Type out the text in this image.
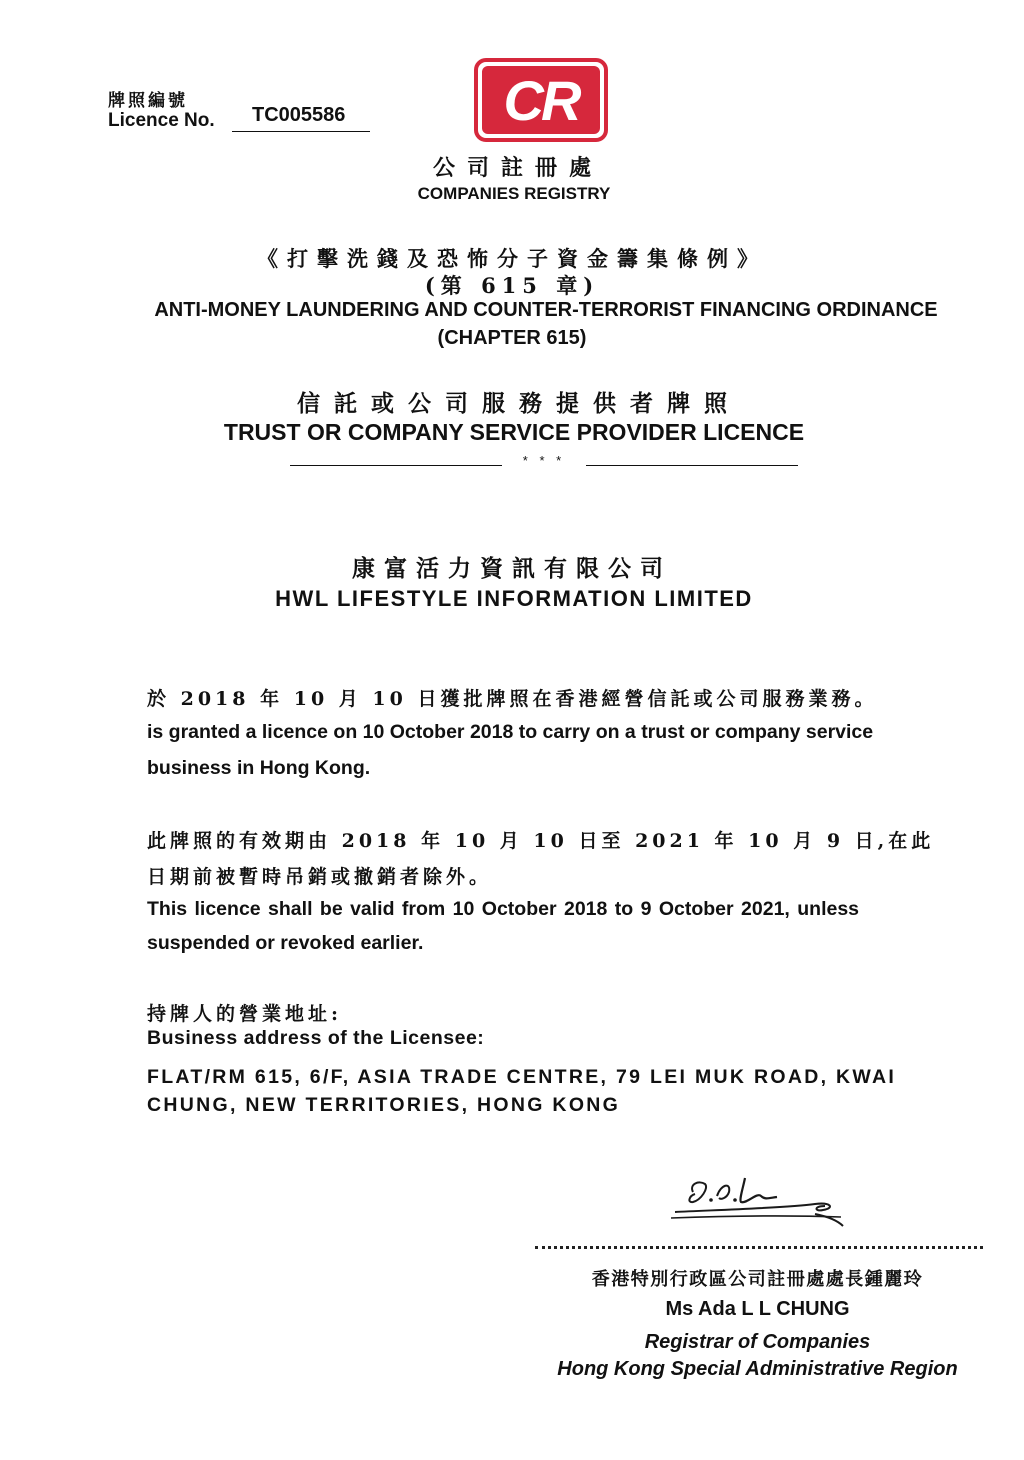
牌照編號
Licence No.	TC005586	CR
公司註冊處
COMPANIES REGISTRY
《打擊洗錢及恐怖分子資金籌集條例》
(第 615 章)
ANTI-MONEY LAUNDERING AND COUNTER-TERRORIST FINANCING ORDINANCE
(CHAPTER 615)
信託或公司服務提供者牌照
TRUST OR COMPANY SERVICE PROVIDER LICENCE
* * *
康富活力資訊有限公司
HWL LIFESTYLE INFORMATION LIMITED
於 2018 年 10 月 10 日獲批牌照在香港經營信託或公司服務業務。
is granted a licence on 10 October 2018 to carry on a trust or company service
business in Hong Kong.
此牌照的有效期由 2018 年 10 月 10 日至 2021 年 10 月 9 日,在此
日期前被暫時吊銷或撤銷者除外。
This licence shall be valid from 10 October 2018 to 9 October 2021, unless
suspended or revoked earlier.
持牌人的營業地址:
Business address of the Licensee:
FLAT/RM 615, 6/F, ASIA TRADE CENTRE, 79 LEI MUK ROAD, KWAI
CHUNG, NEW TERRITORIES, HONG KONG
香港特別行政區公司註冊處處長鍾麗玲
Ms Ada L L CHUNG
Registrar of Companies
Hong Kong Special Administrative Region
